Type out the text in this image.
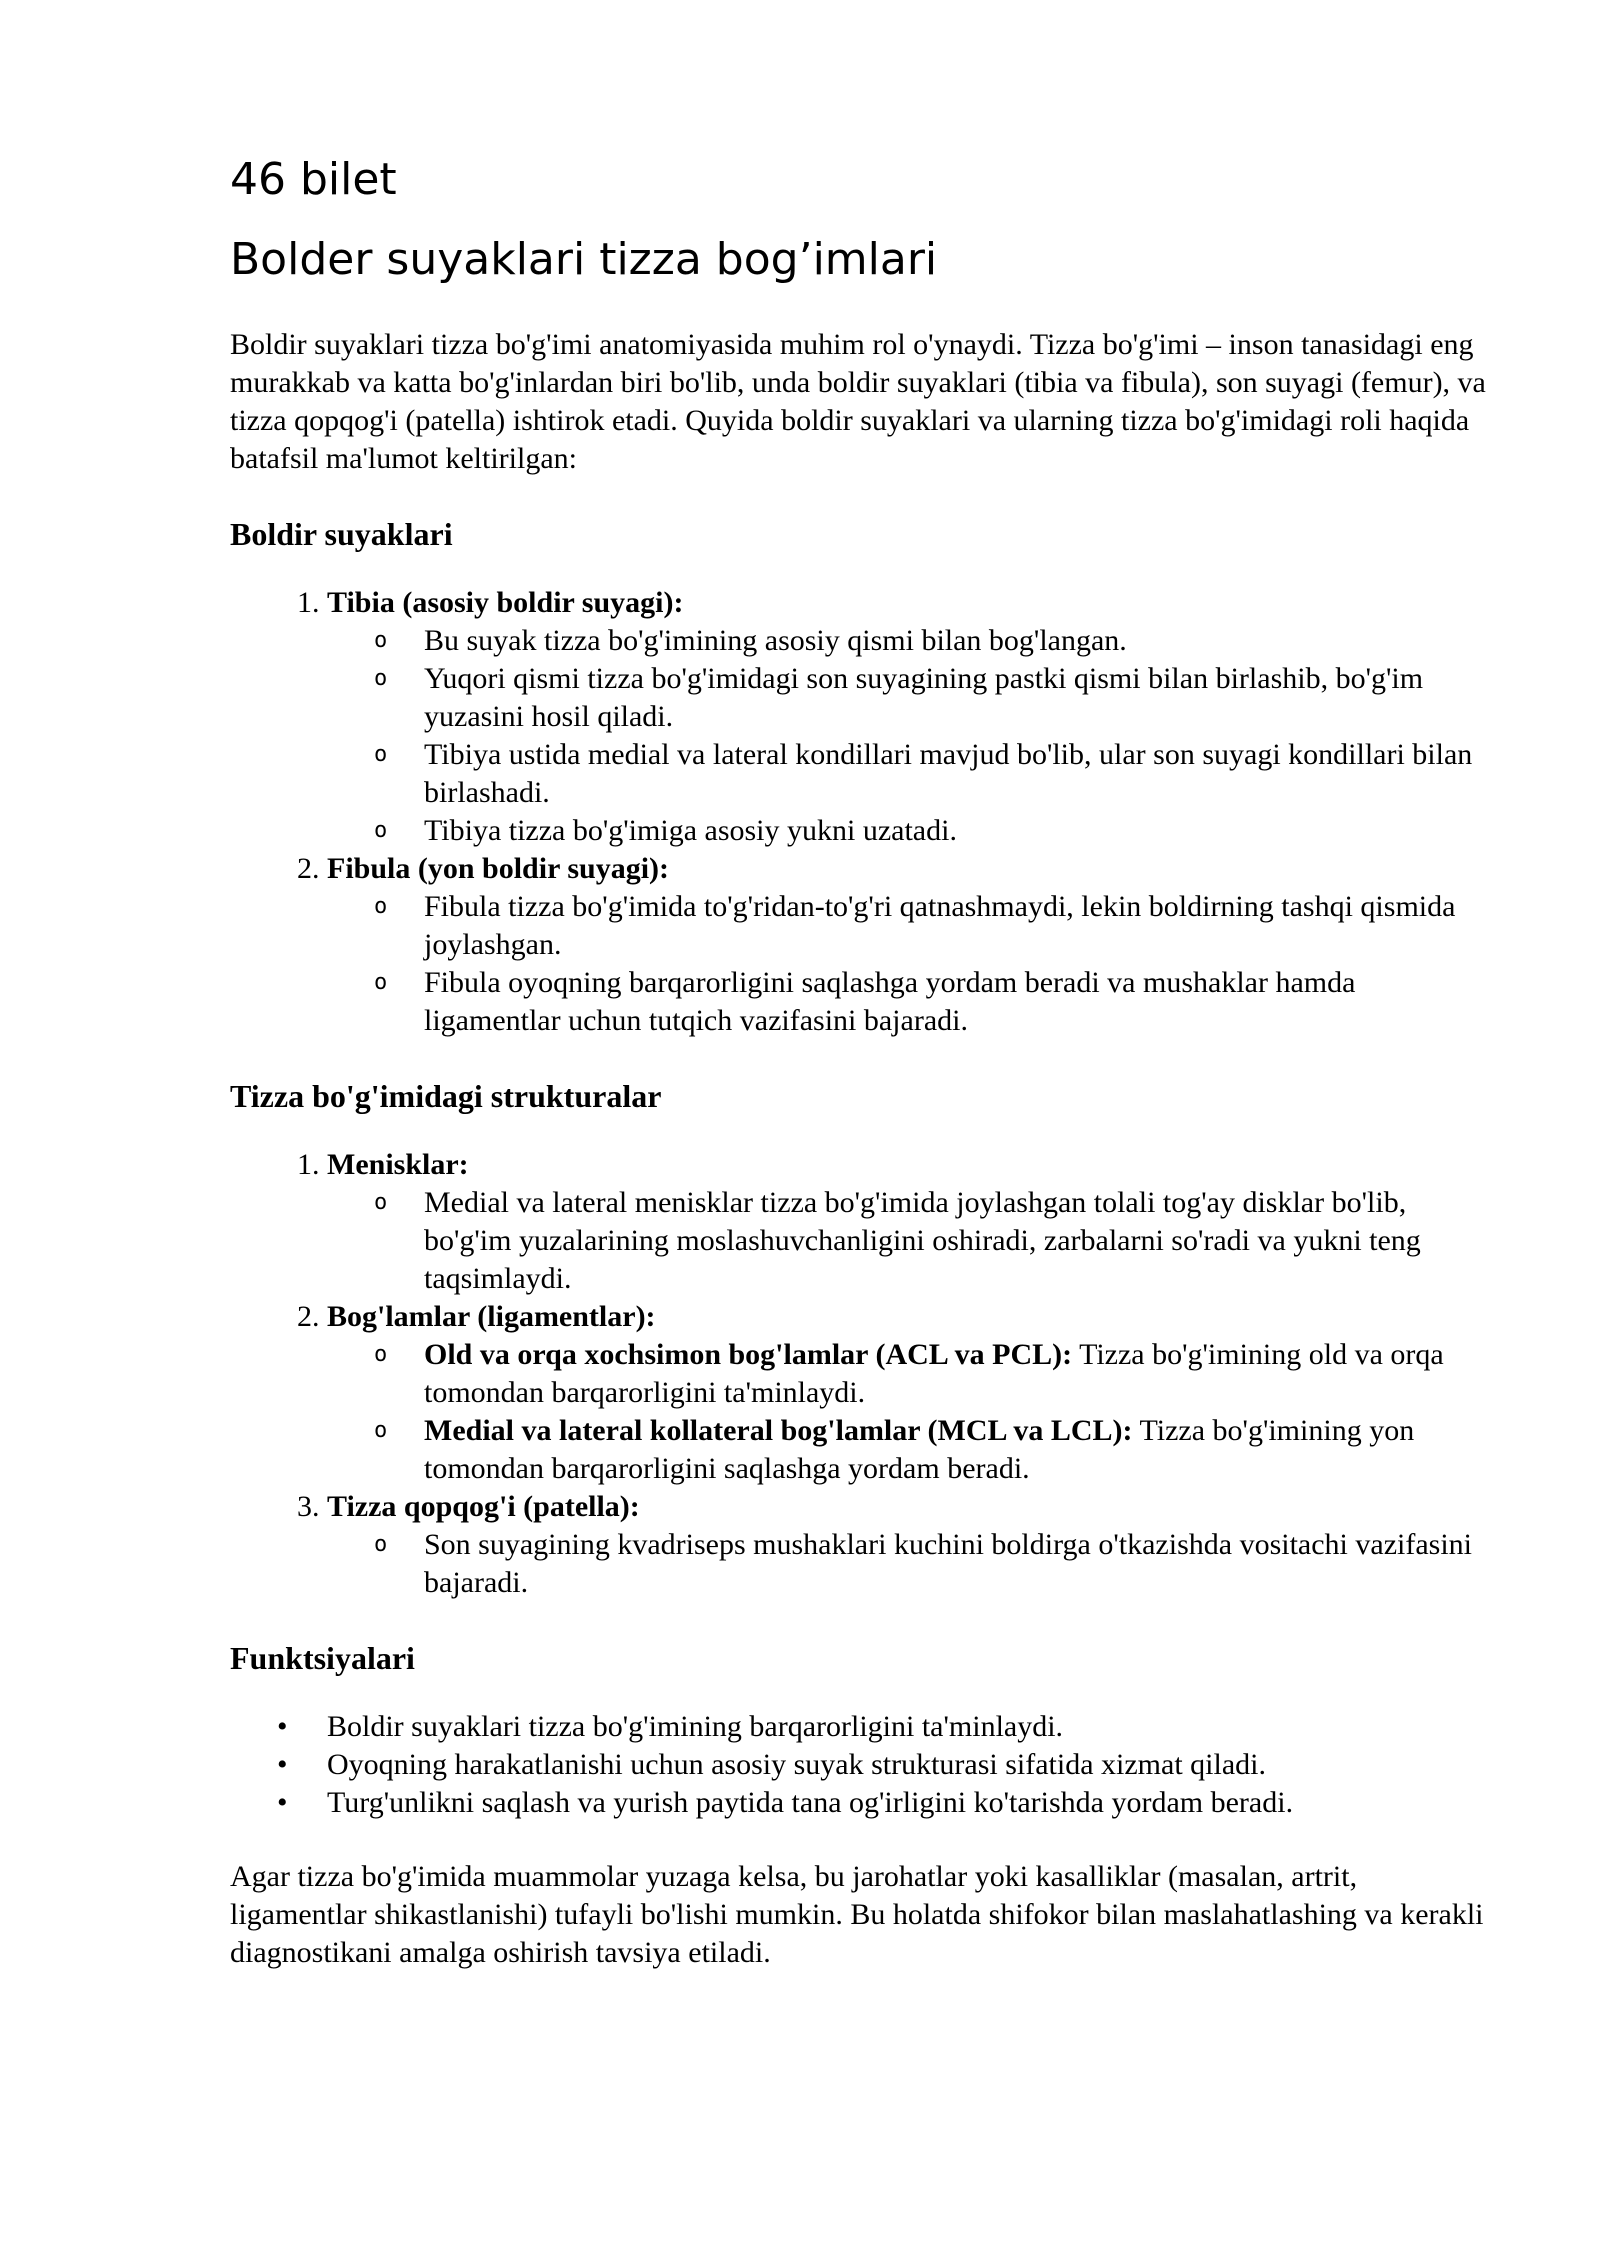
46 bilet
Bolder suyaklari tizza bog’imlari

Boldir suyaklari tizza bo'g'imi anatomiyasida muhim rol o'ynaydi. Tizza bo'g'imi – inson tanasidagi eng murakkab va katta bo'g'inlardan biri bo'lib, unda boldir suyaklari (tibia va fibula), son suyagi (femur), va tizza qopqog'i (patella) ishtirok etadi. Quyida boldir suyaklari va ularning tizza bo'g'imidagi roli haqida batafsil ma'lumot keltirilgan:

Boldir suyaklari
1. Tibia (asosiy boldir suyagi):
o Bu suyak tizza bo'g'imining asosiy qismi bilan bog'langan.
o Yuqori qismi tizza bo'g'imidagi son suyagining pastki qismi bilan birlashib, bo'g'im yuzasini hosil qiladi.
o Tibiya ustida medial va lateral kondillari mavjud bo'lib, ular son suyagi kondillari bilan birlashadi.
o Tibiya tizza bo'g'imiga asosiy yukni uzatadi.
2. Fibula (yon boldir suyagi):
o Fibula tizza bo'g'imida to'g'ridan-to'g'ri qatnashmaydi, lekin boldirning tashqi qismida joylashgan.
o Fibula oyoqning barqarorligini saqlashga yordam beradi va mushaklar hamda ligamentlar uchun tutqich vazifasini bajaradi.
Tizza bo'g'imidagi strukturalar
1. Menisklar:
o Medial va lateral menisklar tizza bo'g'imida joylashgan tolali tog'ay disklar bo'lib, bo'g'im yuzalarining moslashuvchanligini oshiradi, zarbalarni so'radi va yukni teng taqsimlaydi.
2. Bog'lamlar (ligamentlar):
o Old va orqa xochsimon bog'lamlar (ACL va PCL): Tizza bo'g'imining old va orqa tomondan barqarorligini ta'minlaydi.
o Medial va lateral kollateral bog'lamlar (MCL va LCL): Tizza bo'g'imining yon tomondan barqarorligini saqlashga yordam beradi.
3. Tizza qopqog'i (patella):
o Son suyagining kvadriseps mushaklari kuchini boldirga o'tkazishda vositachi vazifasini bajaradi.
Funktsiyalari
• Boldir suyaklari tizza bo'g'imining barqarorligini ta'minlaydi.
• Oyoqning harakatlanishi uchun asosiy suyak strukturasi sifatida xizmat qiladi.
• Turg'unlikni saqlash va yurish paytida tana og'irligini ko'tarishda yordam beradi.

Agar tizza bo'g'imida muammolar yuzaga kelsa, bu jarohatlar yoki kasalliklar (masalan, artrit, ligamentlar shikastlanishi) tufayli bo'lishi mumkin. Bu holatda shifokor bilan maslahatlashing va kerakli diagnostikani amalga oshirish tavsiya etiladi.
